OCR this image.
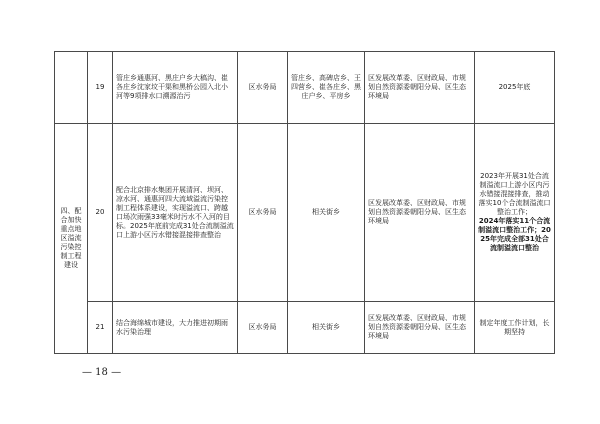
	19	管庄乡通惠河、黑庄户乡大稿沟、崔各庄乡沈家坟干渠和黑桥公园入北小河等9项排水口溯源治污	区水务局	管庄乡、高碑店乡、王四营乡、崔各庄乡、黑庄户乡、平房乡	区发展改革委、区财政局、市规划自然资源委朝阳分局、区生态环境局	2025年底
四、配合加快重点地区溢流污染控制工程建设	20	配合北京排水集团开展清河、坝河、凉水河、通惠河四大流域溢流污染控制工程体系建设，实现溢流口、跨越口场次雨强33毫米时污水不入河的目标。2025年底前完成31处合流制溢流口上游小区污水错接混接排查整治	区水务局	相关街乡	区发展改革委、区财政局、市规划自然资源委朝阳分局、区生态环境局	2023年开展31处合流制溢流口上游小区内污水错接混接排查，推动落实10个合流制溢流口整治工作；
2024年落实11个合流制溢流口整治工作；2025年完成全部31处合流制溢流口整治
	21	结合海绵城市建设，大力推进初期雨水污染治理	区水务局	相关街乡	区发展改革委、区财政局、市规划自然资源委朝阳分局、区生态环境局	制定年度工作计划，长期坚持
— 18 —
